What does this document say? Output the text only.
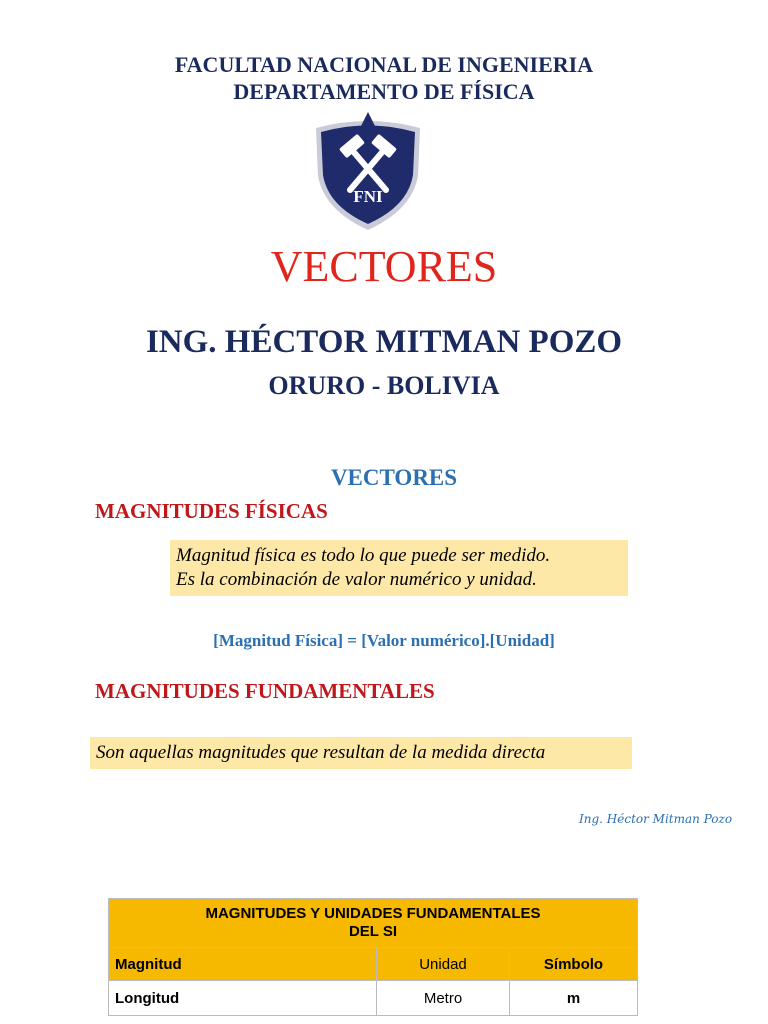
FACULTAD NACIONAL DE INGENIERIA
DEPARTAMENTO DE FÍSICA
FNI
VECTORES
ING. HÉCTOR MITMAN POZO
ORURO - BOLIVIA
VECTORES
MAGNITUDES FÍSICAS
Magnitud física es todo lo que puede ser medido.
Es la combinación de valor numérico y unidad.
[Magnitud Física] = [Valor numérico].[Unidad]
MAGNITUDES FUNDAMENTALES
Son aquellas magnitudes que resultan de la medida directa
Ing. Héctor Mitman Pozo
MAGNITUDES Y UNIDADES FUNDAMENTALES
DEL SI		

Magnitud	Unidad	Símbolo
Longitud	Metro	m
